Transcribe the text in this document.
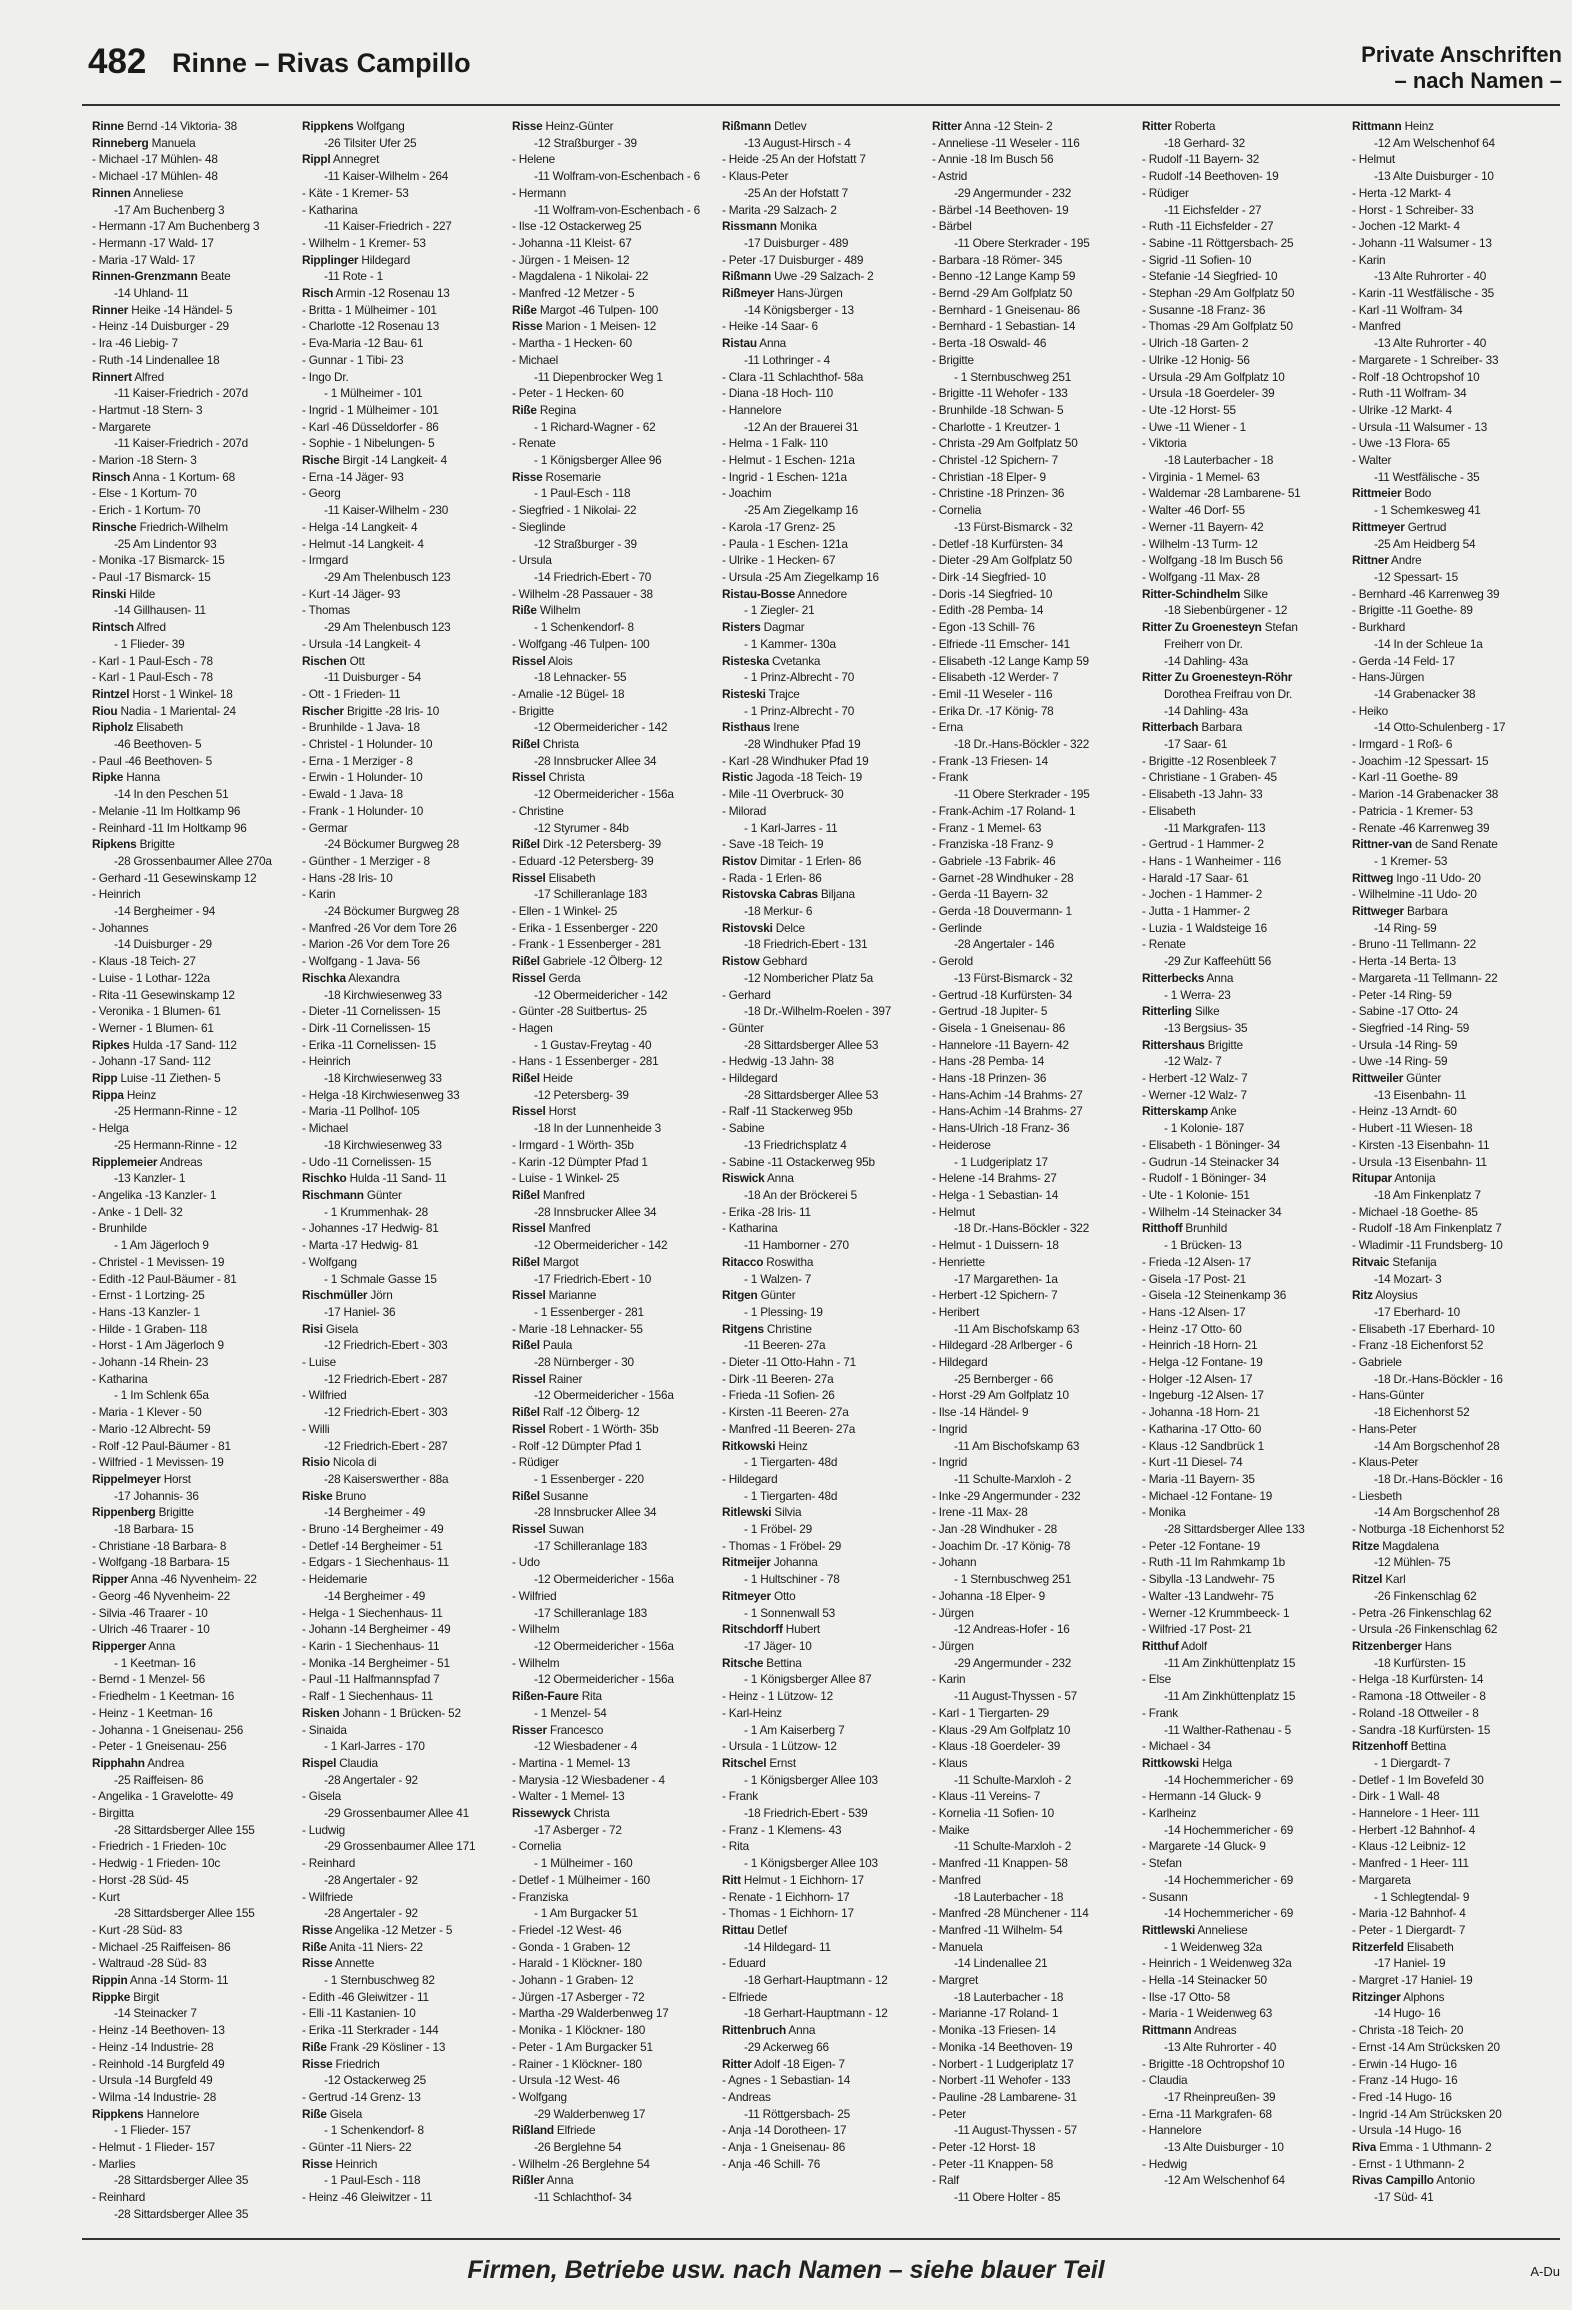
482 Rinne – Rivas Campillo	Private Anschriften
– nach Namen –
Rinne Bernd -14 Viktoria- 38
Rinneberg Manuela
- Michael -17 Mühlen- 48
- Michael -17 Mühlen- 48
Rinnen Anneliese
-17 Am Buchenberg 3
- Hermann -17 Am Buchenberg 3
- Hermann -17 Wald- 17
- Maria -17 Wald- 17
Rinnen-Grenzmann Beate
-14 Uhland- 11
Rinner Heike -14 Händel- 5
- Heinz -14 Duisburger - 29
- Ira -46 Liebig- 7
- Ruth -14 Lindenallee 18
Rinnert Alfred
-11 Kaiser-Friedrich - 207d
- Hartmut -18 Stern- 3
- Margarete
-11 Kaiser-Friedrich - 207d
- Marion -18 Stern- 3
Rinsch Anna - 1 Kortum- 68
- Else - 1 Kortum- 70
- Erich - 1 Kortum- 70
Rinsche Friedrich-Wilhelm
-25 Am Lindentor 93
- Monika -17 Bismarck- 15
- Paul -17 Bismarck- 15
Rinski Hilde
-14 Gillhausen- 11
Rintsch Alfred
- 1 Flieder- 39
- Karl - 1 Paul-Esch - 78
- Karl - 1 Paul-Esch - 78
Rintzel Horst - 1 Winkel- 18
Riou Nadia - 1 Mariental- 24
Ripholz Elisabeth
-46 Beethoven- 5
- Paul -46 Beethoven- 5
Ripke Hanna
-14 In den Peschen 51
- Melanie -11 Im Holtkamp 96
- Reinhard -11 Im Holtkamp 96
Ripkens Brigitte
-28 Grossenbaumer Allee 270a
- Gerhard -11 Gesewinskamp 12
- Heinrich
-14 Bergheimer - 94
- Johannes
-14 Duisburger - 29
- Klaus -18 Teich- 27
- Luise - 1 Lothar- 122a
- Rita -11 Gesewinskamp 12
- Veronika - 1 Blumen- 61
- Werner - 1 Blumen- 61
Ripkes Hulda -17 Sand- 112
- Johann -17 Sand- 112
Ripp Luise -11 Ziethen- 5
Rippa Heinz
-25 Hermann-Rinne - 12
- Helga
-25 Hermann-Rinne - 12
Ripplemeier Andreas
-13 Kanzler- 1
- Angelika -13 Kanzler- 1
- Anke - 1 Dell- 32
- Brunhilde
- 1 Am Jägerloch 9
- Christel - 1 Mevissen- 19
- Edith -12 Paul-Bäumer - 81
- Ernst - 1 Lortzing- 25
- Hans -13 Kanzler- 1
- Hilde - 1 Graben- 118
- Horst - 1 Am Jägerloch 9
- Johann -14 Rhein- 23
- Katharina
- 1 Im Schlenk 65a
- Maria - 1 Klever - 50
- Mario -12 Albrecht- 59
- Rolf -12 Paul-Bäumer - 81
- Wilfried - 1 Mevissen- 19
Rippelmeyer Horst
-17 Johannis- 36
Rippenberg Brigitte
-18 Barbara- 15
- Christiane -18 Barbara- 8
- Wolfgang -18 Barbara- 15
Ripper Anna -46 Nyvenheim- 22
- Georg -46 Nyvenheim- 22
- Silvia -46 Traarer - 10
- Ulrich -46 Traarer - 10
Ripperger Anna
- 1 Keetman- 16
- Bernd - 1 Menzel- 56
- Friedhelm - 1 Keetman- 16
- Heinz - 1 Keetman- 16
- Johanna - 1 Gneisenau- 256
- Peter - 1 Gneisenau- 256
Ripphahn Andrea
-25 Raiffeisen- 86
- Angelika - 1 Gravelotte- 49
- Birgitta
-28 Sittardsberger Allee 155
- Friedrich - 1 Frieden- 10c
- Hedwig - 1 Frieden- 10c
- Horst -28 Süd- 45
- Kurt
-28 Sittardsberger Allee 155
- Kurt -28 Süd- 83
- Michael -25 Raiffeisen- 86
- Waltraud -28 Süd- 83
Rippin Anna -14 Storm- 11
Rippke Birgit
-14 Steinacker 7
- Heinz -14 Beethoven- 13
- Heinz -14 Industrie- 28
- Reinhold -14 Burgfeld 49
- Ursula -14 Burgfeld 49
- Wilma -14 Industrie- 28
Rippkens Hannelore
- 1 Flieder- 157
- Helmut - 1 Flieder- 157
- Marlies
-28 Sittardsberger Allee 35
- Reinhard
-28 Sittardsberger Allee 35
Rippkens Wolfgang
-26 Tilsiter Ufer 25
Rippl Annegret
-11 Kaiser-Wilhelm - 264
- Käte - 1 Kremer- 53
- Katharina
-11 Kaiser-Friedrich - 227
- Wilhelm - 1 Kremer- 53
Ripplinger Hildegard
-11 Rote - 1
Risch Armin -12 Rosenau 13
- Britta - 1 Mülheimer - 101
- Charlotte -12 Rosenau 13
- Eva-Maria -12 Bau- 61
- Gunnar - 1 Tibi- 23
- Ingo Dr.
- 1 Mülheimer - 101
- Ingrid - 1 Mülheimer - 101
- Karl -46 Düsseldorfer - 86
- Sophie - 1 Nibelungen- 5
Rische Birgit -14 Langkeit- 4
- Erna -14 Jäger- 93
- Georg
-11 Kaiser-Wilhelm - 230
- Helga -14 Langkeit- 4
- Helmut -14 Langkeit- 4
- Irmgard
-29 Am Thelenbusch 123
- Kurt -14 Jäger- 93
- Thomas
-29 Am Thelenbusch 123
- Ursula -14 Langkeit- 4
Rischen Ott
-11 Duisburger - 54
- Ott - 1 Frieden- 11
Rischer Brigitte -28 Iris- 10
- Brunhilde - 1 Java- 18
- Christel - 1 Holunder- 10
- Erna - 1 Merziger - 8
- Erwin - 1 Holunder- 10
- Ewald - 1 Java- 18
- Frank - 1 Holunder- 10
- Germar
-24 Böckumer Burgweg 28
- Günther - 1 Merziger - 8
- Hans -28 Iris- 10
- Karin
-24 Böckumer Burgweg 28
- Manfred -26 Vor dem Tore 26
- Marion -26 Vor dem Tore 26
- Wolfgang - 1 Java- 56
Rischka Alexandra
-18 Kirchwiesenweg 33
- Dieter -11 Cornelissen- 15
- Dirk -11 Cornelissen- 15
- Erika -11 Cornelissen- 15
- Heinrich
-18 Kirchwiesenweg 33
- Helga -18 Kirchwiesenweg 33
- Maria -11 Pollhof- 105
- Michael
-18 Kirchwiesenweg 33
- Udo -11 Cornelissen- 15
Rischko Hulda -11 Sand- 11
Rischmann Günter
- 1 Krummenhak- 28
- Johannes -17 Hedwig- 81
- Marta -17 Hedwig- 81
- Wolfgang
- 1 Schmale Gasse 15
Rischmüller Jörn
-17 Haniel- 36
Risi Gisela
-12 Friedrich-Ebert - 303
- Luise
-12 Friedrich-Ebert - 287
- Wilfried
-12 Friedrich-Ebert - 303
- Willi
-12 Friedrich-Ebert - 287
Risio Nicola di
-28 Kaiserswerther - 88a
Riske Bruno
-14 Bergheimer - 49
- Bruno -14 Bergheimer - 49
- Detlef -14 Bergheimer - 51
- Edgars - 1 Siechenhaus- 11
- Heidemarie
-14 Bergheimer - 49
- Helga - 1 Siechenhaus- 11
- Johann -14 Bergheimer - 49
- Karin - 1 Siechenhaus- 11
- Monika -14 Bergheimer - 51
- Paul -11 Halfmannspfad 7
- Ralf - 1 Siechenhaus- 11
Risken Johann - 1 Brücken- 52
- Sinaida
- 1 Karl-Jarres - 170
Rispel Claudia
-28 Angertaler - 92
- Gisela
-29 Grossenbaumer Allee 41
- Ludwig
-29 Grossenbaumer Allee 171
- Reinhard
-28 Angertaler - 92
- Wilfriede
-28 Angertaler - 92
Risse Angelika -12 Metzer - 5
Riße Anita -11 Niers- 22
Risse Annette
- 1 Sternbuschweg 82
- Edith -46 Gleiwitzer - 11
- Elli -11 Kastanien- 10
- Erika -11 Sterkrader - 144
Riße Frank -29 Kösliner - 13
Risse Friedrich
-12 Ostackerweg 25
- Gertrud -14 Grenz- 13
Riße Gisela
- 1 Schenkendorf- 8
- Günter -11 Niers- 22
Risse Heinrich
- 1 Paul-Esch - 118
- Heinz -46 Gleiwitzer - 11
Risse Heinz-Günter
-12 Straßburger - 39
- Helene
-11 Wolfram-von-Eschenbach - 6
- Hermann
-11 Wolfram-von-Eschenbach - 6
- Ilse -12 Ostackerweg 25
- Johanna -11 Kleist- 67
- Jürgen - 1 Meisen- 12
- Magdalena - 1 Nikolai- 22
- Manfred -12 Metzer - 5
Riße Margot -46 Tulpen- 100
Risse Marion - 1 Meisen- 12
- Martha - 1 Hecken- 60
- Michael
-11 Diepenbrocker Weg 1
- Peter - 1 Hecken- 60
Riße Regina
- 1 Richard-Wagner - 62
- Renate
- 1 Königsberger Allee 96
Risse Rosemarie
- 1 Paul-Esch - 118
- Siegfried - 1 Nikolai- 22
- Sieglinde
-12 Straßburger - 39
- Ursula
-14 Friedrich-Ebert - 70
- Wilhelm -28 Passauer - 38
Riße Wilhelm
- 1 Schenkendorf- 8
- Wolfgang -46 Tulpen- 100
Rissel Alois
-18 Lehnacker- 55
- Amalie -12 Bügel- 18
- Brigitte
-12 Obermeidericher - 142
Rißel Christa
-28 Innsbrucker Allee 34
Rissel Christa
-12 Obermeidericher - 156a
- Christine
-12 Styrumer - 84b
Rißel Dirk -12 Petersberg- 39
- Eduard -12 Petersberg- 39
Rissel Elisabeth
-17 Schilleranlage 183
- Ellen - 1 Winkel- 25
- Erika - 1 Essenberger - 220
- Frank - 1 Essenberger - 281
Rißel Gabriele -12 Ölberg- 12
Rissel Gerda
-12 Obermeidericher - 142
- Günter -28 Suitbertus- 25
- Hagen
- 1 Gustav-Freytag - 40
- Hans - 1 Essenberger - 281
Rißel Heide
-12 Petersberg- 39
Rissel Horst
-18 In der Lunnenheide 3
- Irmgard - 1 Wörth- 35b
- Karin -12 Dümpter Pfad 1
- Luise - 1 Winkel- 25
Rißel Manfred
-28 Innsbrucker Allee 34
Rissel Manfred
-12 Obermeidericher - 142
Rißel Margot
-17 Friedrich-Ebert - 10
Rissel Marianne
- 1 Essenberger - 281
- Marie -18 Lehnacker- 55
Rißel Paula
-28 Nürnberger - 30
Rissel Rainer
-12 Obermeidericher - 156a
Rißel Ralf -12 Ölberg- 12
Rissel Robert - 1 Wörth- 35b
- Rolf -12 Dümpter Pfad 1
- Rüdiger
- 1 Essenberger - 220
Rißel Susanne
-28 Innsbrucker Allee 34
Rissel Suwan
-17 Schilleranlage 183
- Udo
-12 Obermeidericher - 156a
- Wilfried
-17 Schilleranlage 183
- Wilhelm
-12 Obermeidericher - 156a
- Wilhelm
-12 Obermeidericher - 156a
Rißen-Faure Rita
- 1 Menzel- 54
Risser Francesco
-12 Wiesbadener - 4
- Martina - 1 Memel- 13
- Marysia -12 Wiesbadener - 4
- Walter - 1 Memel- 13
Rissewyck Christa
-17 Asberger - 72
- Cornelia
- 1 Mülheimer - 160
- Detlef - 1 Mülheimer - 160
- Franziska
- 1 Am Burgacker 51
- Friedel -12 West- 46
- Gonda - 1 Graben- 12
- Harald - 1 Klöckner- 180
- Johann - 1 Graben- 12
- Jürgen -17 Asberger - 72
- Martha -29 Walderbenweg 17
- Monika - 1 Klöckner- 180
- Peter - 1 Am Burgacker 51
- Rainer - 1 Klöckner- 180
- Ursula -12 West- 46
- Wolfgang
-29 Walderbenweg 17
Rißland Elfriede
-26 Berglehne 54
- Wilhelm -26 Berglehne 54
Rißler Anna
-11 Schlachthof- 34
Rißmann Detlev
-13 August-Hirsch - 4
- Heide -25 An der Hofstatt 7
- Klaus-Peter
-25 An der Hofstatt 7
- Marita -29 Salzach- 2
Rissmann Monika
-17 Duisburger - 489
- Peter -17 Duisburger - 489
Rißmann Uwe -29 Salzach- 2
Rißmeyer Hans-Jürgen
-14 Königsberger - 13
- Heike -14 Saar- 6
Ristau Anna
-11 Lothringer - 4
- Clara -11 Schlachthof- 58a
- Diana -18 Hoch- 110
- Hannelore
-12 An der Brauerei 31
- Helma - 1 Falk- 110
- Helmut - 1 Eschen- 121a
- Ingrid - 1 Eschen- 121a
- Joachim
-25 Am Ziegelkamp 16
- Karola -17 Grenz- 25
- Paula - 1 Eschen- 121a
- Ulrike - 1 Hecken- 67
- Ursula -25 Am Ziegelkamp 16
Ristau-Bosse Annedore
- 1 Ziegler- 21
Risters Dagmar
- 1 Kammer- 130a
Risteska Cvetanka
- 1 Prinz-Albrecht - 70
Risteski Trajce
- 1 Prinz-Albrecht - 70
Risthaus Irene
-28 Windhuker Pfad 19
- Karl -28 Windhuker Pfad 19
Ristic Jagoda -18 Teich- 19
- Mile -11 Overbruck- 30
- Milorad
- 1 Karl-Jarres - 11
- Save -18 Teich- 19
Ristov Dimitar - 1 Erlen- 86
- Rada - 1 Erlen- 86
Ristovska Cabras Biljana
-18 Merkur- 6
Ristovski Delce
-18 Friedrich-Ebert - 131
Ristow Gebhard
-12 Nombericher Platz 5a
- Gerhard
-18 Dr.-Wilhelm-Roelen - 397
- Günter
-28 Sittardsberger Allee 53
- Hedwig -13 Jahn- 38
- Hildegard
-28 Sittardsberger Allee 53
- Ralf -11 Stackerweg 95b
- Sabine
-13 Friedrichsplatz 4
- Sabine -11 Ostackerweg 95b
Riswick Anna
-18 An der Bröckerei 5
- Erika -28 Iris- 11
- Katharina
-11 Hamborner - 270
Ritacco Roswitha
- 1 Walzen- 7
Ritgen Günter
- 1 Plessing- 19
Ritgens Christine
-11 Beeren- 27a
- Dieter -11 Otto-Hahn - 71
- Dirk -11 Beeren- 27a
- Frieda -11 Sofien- 26
- Kirsten -11 Beeren- 27a
- Manfred -11 Beeren- 27a
Ritkowski Heinz
- 1 Tiergarten- 48d
- Hildegard
- 1 Tiergarten- 48d
Ritlewski Silvia
- 1 Fröbel- 29
- Thomas - 1 Fröbel- 29
Ritmeijer Johanna
- 1 Hultschiner - 78
Ritmeyer Otto
- 1 Sonnenwall 53
Ritschdorff Hubert
-17 Jäger- 10
Ritsche Bettina
- 1 Königsberger Allee 87
- Heinz - 1 Lützow- 12
- Karl-Heinz
- 1 Am Kaiserberg 7
- Ursula - 1 Lützow- 12
Ritschel Ernst
- 1 Königsberger Allee 103
- Frank
-18 Friedrich-Ebert - 539
- Franz - 1 Klemens- 43
- Rita
- 1 Königsberger Allee 103
Ritt Helmut - 1 Eichhorn- 17
- Renate - 1 Eichhorn- 17
- Thomas - 1 Eichhorn- 17
Rittau Detlef
-14 Hildegard- 11
- Eduard
-18 Gerhart-Hauptmann - 12
- Elfriede
-18 Gerhart-Hauptmann - 12
Rittenbruch Anna
-29 Ackerweg 66
Ritter Adolf -18 Eigen- 7
- Agnes - 1 Sebastian- 14
- Andreas
-11 Röttgersbach- 25
- Anja -14 Dorotheen- 17
- Anja - 1 Gneisenau- 86
- Anja -46 Schill- 76
Ritter Anna -12 Stein- 2
- Anneliese -11 Weseler - 116
- Annie -18 Im Busch 56
- Astrid
-29 Angermunder - 232
- Bärbel -14 Beethoven- 19
- Bärbel
-11 Obere Sterkrader - 195
- Barbara -18 Römer- 345
- Benno -12 Lange Kamp 59
- Bernd -29 Am Golfplatz 50
- Bernhard - 1 Gneisenau- 86
- Bernhard - 1 Sebastian- 14
- Berta -18 Oswald- 46
- Brigitte
- 1 Sternbuschweg 251
- Brigitte -11 Wehofer - 133
- Brunhilde -18 Schwan- 5
- Charlotte - 1 Kreutzer- 1
- Christa -29 Am Golfplatz 50
- Christel -12 Spichern- 7
- Christian -18 Elper- 9
- Christine -18 Prinzen- 36
- Cornelia
-13 Fürst-Bismarck - 32
- Detlef -18 Kurfürsten- 34
- Dieter -29 Am Golfplatz 50
- Dirk -14 Siegfried- 10
- Doris -14 Siegfried- 10
- Edith -28 Pemba- 14
- Egon -13 Schill- 76
- Elfriede -11 Emscher- 141
- Elisabeth -12 Lange Kamp 59
- Elisabeth -12 Werder- 7
- Emil -11 Weseler - 116
- Erika Dr. -17 König- 78
- Erna
-18 Dr.-Hans-Böckler - 322
- Frank -13 Friesen- 14
- Frank
-11 Obere Sterkrader - 195
- Frank-Achim -17 Roland- 1
- Franz - 1 Memel- 63
- Franziska -18 Franz- 9
- Gabriele -13 Fabrik- 46
- Garnet -28 Windhuker - 28
- Gerda -11 Bayern- 32
- Gerda -18 Douvermann- 1
- Gerlinde
-28 Angertaler - 146
- Gerold
-13 Fürst-Bismarck - 32
- Gertrud -18 Kurfürsten- 34
- Gertrud -18 Jupiter- 5
- Gisela - 1 Gneisenau- 86
- Hannelore -11 Bayern- 42
- Hans -28 Pemba- 14
- Hans -18 Prinzen- 36
- Hans-Achim -14 Brahms- 27
- Hans-Achim -14 Brahms- 27
- Hans-Ulrich -18 Franz- 36
- Heiderose
- 1 Ludgeriplatz 17
- Helene -14 Brahms- 27
- Helga - 1 Sebastian- 14
- Helmut
-18 Dr.-Hans-Böckler - 322
- Helmut - 1 Duissern- 18
- Henriette
-17 Margarethen- 1a
- Herbert -12 Spichern- 7
- Heribert
-11 Am Bischofskamp 63
- Hildegard -28 Arlberger - 6
- Hildegard
-25 Bernberger - 66
- Horst -29 Am Golfplatz 10
- Ilse -14 Händel- 9
- Ingrid
-11 Am Bischofskamp 63
- Ingrid
-11 Schulte-Marxloh - 2
- Inke -29 Angermunder - 232
- Irene -11 Max- 28
- Jan -28 Windhuker - 28
- Joachim Dr. -17 König- 78
- Johann
- 1 Sternbuschweg 251
- Johanna -18 Elper- 9
- Jürgen
-12 Andreas-Hofer - 16
- Jürgen
-29 Angermunder - 232
- Karin
-11 August-Thyssen - 57
- Karl - 1 Tiergarten- 29
- Klaus -29 Am Golfplatz 10
- Klaus -18 Goerdeler- 39
- Klaus
-11 Schulte-Marxloh - 2
- Klaus -11 Vereins- 7
- Kornelia -11 Sofien- 10
- Maike
-11 Schulte-Marxloh - 2
- Manfred -11 Knappen- 58
- Manfred
-18 Lauterbacher - 18
- Manfred -28 Münchener - 114
- Manfred -11 Wilhelm- 54
- Manuela
-14 Lindenallee 21
- Margret
-18 Lauterbacher - 18
- Marianne -17 Roland- 1
- Monika -13 Friesen- 14
- Monika -14 Beethoven- 19
- Norbert - 1 Ludgeriplatz 17
- Norbert -11 Wehofer - 133
- Pauline -28 Lambarene- 31
- Peter
-11 August-Thyssen - 57
- Peter -12 Horst- 18
- Peter -11 Knappen- 58
- Ralf
-11 Obere Holter - 85
Ritter Roberta
-18 Gerhard- 32
- Rudolf -11 Bayern- 32
- Rudolf -14 Beethoven- 19
- Rüdiger
-11 Eichsfelder - 27
- Ruth -11 Eichsfelder - 27
- Sabine -11 Röttgersbach- 25
- Sigrid -11 Sofien- 10
- Stefanie -14 Siegfried- 10
- Stephan -29 Am Golfplatz 50
- Susanne -18 Franz- 36
- Thomas -29 Am Golfplatz 50
- Ulrich -18 Garten- 2
- Ulrike -12 Honig- 56
- Ursula -29 Am Golfplatz 10
- Ursula -18 Goerdeler- 39
- Ute -12 Horst- 55
- Uwe -11 Wiener - 1
- Viktoria
-18 Lauterbacher - 18
- Virginia - 1 Memel- 63
- Waldemar -28 Lambarene- 51
- Walter -46 Dorf- 55
- Werner -11 Bayern- 42
- Wilhelm -13 Turm- 12
- Wolfgang -18 Im Busch 56
- Wolfgang -11 Max- 28
Ritter-Schindhelm Silke
-18 Siebenbürgener - 12
Ritter Zu Groenesteyn Stefan
Freiherr von Dr.
-14 Dahling- 43a
Ritter Zu Groenesteyn-Röhr
Dorothea Freifrau von Dr.
-14 Dahling- 43a
Ritterbach Barbara
-17 Saar- 61
- Brigitte -12 Rosenbleek 7
- Christiane - 1 Graben- 45
- Elisabeth -13 Jahn- 33
- Elisabeth
-11 Markgrafen- 113
- Gertrud - 1 Hammer- 2
- Hans - 1 Wanheimer - 116
- Harald -17 Saar- 61
- Jochen - 1 Hammer- 2
- Jutta - 1 Hammer- 2
- Luzia - 1 Waldsteige 16
- Renate
-29 Zur Kaffeehütt 56
Ritterbecks Anna
- 1 Werra- 23
Ritterling Silke
-13 Bergsius- 35
Rittershaus Brigitte
-12 Walz- 7
- Herbert -12 Walz- 7
- Werner -12 Walz- 7
Ritterskamp Anke
- 1 Kolonie- 187
- Elisabeth - 1 Böninger- 34
- Gudrun -14 Steinacker 34
- Rudolf - 1 Böninger- 34
- Ute - 1 Kolonie- 151
- Wilhelm -14 Steinacker 34
Ritthoff Brunhild
- 1 Brücken- 13
- Frieda -12 Alsen- 17
- Gisela -17 Post- 21
- Gisela -12 Steinenkamp 36
- Hans -12 Alsen- 17
- Heinz -17 Otto- 60
- Heinrich -18 Horn- 21
- Helga -12 Fontane- 19
- Holger -12 Alsen- 17
- Ingeburg -12 Alsen- 17
- Johanna -18 Horn- 21
- Katharina -17 Otto- 60
- Klaus -12 Sandbrück 1
- Kurt -11 Diesel- 74
- Maria -11 Bayern- 35
- Michael -12 Fontane- 19
- Monika
-28 Sittardsberger Allee 133
- Peter -12 Fontane- 19
- Ruth -11 Im Rahmkamp 1b
- Sibylla -13 Landwehr- 75
- Walter -13 Landwehr- 75
- Werner -12 Krummbeeck- 1
- Wilfried -17 Post- 21
Ritthuf Adolf
-11 Am Zinkhüttenplatz 15
- Else
-11 Am Zinkhüttenplatz 15
- Frank
-11 Walther-Rathenau - 5
- Michael - 34
Rittkowski Helga
-14 Hochemmericher - 69
- Hermann -14 Gluck- 9
- Karlheinz
-14 Hochemmericher - 69
- Margarete -14 Gluck- 9
- Stefan
-14 Hochemmericher - 69
- Susann
-14 Hochemmericher - 69
Rittlewski Anneliese
- 1 Weidenweg 32a
- Heinrich - 1 Weidenweg 32a
- Hella -14 Steinacker 50
- Ilse -17 Otto- 58
- Maria - 1 Weidenweg 63
Rittmann Andreas
-13 Alte Ruhrorter - 40
- Brigitte -18 Ochtropshof 10
- Claudia
-17 Rheinpreußen- 39
- Erna -11 Markgrafen- 68
- Hannelore
-13 Alte Duisburger - 10
- Hedwig
-12 Am Welschenhof 64
Rittmann Heinz
-12 Am Welschenhof 64
- Helmut
-13 Alte Duisburger - 10
- Herta -12 Markt- 4
- Horst - 1 Schreiber- 33
- Jochen -12 Markt- 4
- Johann -11 Walsumer - 13
- Karin
-13 Alte Ruhrorter - 40
- Karin -11 Westfälische - 35
- Karl -11 Wolfram- 34
- Manfred
-13 Alte Ruhrorter - 40
- Margarete - 1 Schreiber- 33
- Rolf -18 Ochtropshof 10
- Ruth -11 Wolfram- 34
- Ulrike -12 Markt- 4
- Ursula -11 Walsumer - 13
- Uwe -13 Flora- 65
- Walter
-11 Westfälische - 35
Rittmeier Bodo
- 1 Schemkesweg 41
Rittmeyer Gertrud
-25 Am Heidberg 54
Rittner Andre
-12 Spessart- 15
- Bernhard -46 Karrenweg 39
- Brigitte -11 Goethe- 89
- Burkhard
-14 In der Schleue 1a
- Gerda -14 Feld- 17
- Hans-Jürgen
-14 Grabenacker 38
- Heiko
-14 Otto-Schulenberg - 17
- Irmgard - 1 Roß- 6
- Joachim -12 Spessart- 15
- Karl -11 Goethe- 89
- Marion -14 Grabenacker 38
- Patricia - 1 Kremer- 53
- Renate -46 Karrenweg 39
Rittner-van de Sand Renate
- 1 Kremer- 53
Rittweg Ingo -11 Udo- 20
- Wilhelmine -11 Udo- 20
Rittweger Barbara
-14 Ring- 59
- Bruno -11 Tellmann- 22
- Herta -14 Berta- 13
- Margareta -11 Tellmann- 22
- Peter -14 Ring- 59
- Sabine -17 Otto- 24
- Siegfried -14 Ring- 59
- Ursula -14 Ring- 59
- Uwe -14 Ring- 59
Rittweiler Günter
-13 Eisenbahn- 11
- Heinz -13 Arndt- 60
- Hubert -11 Wiesen- 18
- Kirsten -13 Eisenbahn- 11
- Ursula -13 Eisenbahn- 11
Ritupar Antonija
-18 Am Finkenplatz 7
- Michael -18 Goethe- 85
- Rudolf -18 Am Finkenplatz 7
- Wladimir -11 Frundsberg- 10
Ritvaic Stefanija
-14 Mozart- 3
Ritz Aloysius
-17 Eberhard- 10
- Elisabeth -17 Eberhard- 10
- Franz -18 Eichenforst 52
- Gabriele
-18 Dr.-Hans-Böckler - 16
- Hans-Günter
-18 Eichenhorst 52
- Hans-Peter
-14 Am Borgschenhof 28
- Klaus-Peter
-18 Dr.-Hans-Böckler - 16
- Liesbeth
-14 Am Borgschenhof 28
- Notburga -18 Eichenhorst 52
Ritze Magdalena
-12 Mühlen- 75
Ritzel Karl
-26 Finkenschlag 62
- Petra -26 Finkenschlag 62
- Ursula -26 Finkenschlag 62
Ritzenberger Hans
-18 Kurfürsten- 15
- Helga -18 Kurfürsten- 14
- Ramona -18 Ottweiler - 8
- Roland -18 Ottweiler - 8
- Sandra -18 Kurfürsten- 15
Ritzenhoff Bettina
- 1 Diergardt- 7
- Detlef - 1 Im Bovefeld 30
- Dirk - 1 Wall- 48
- Hannelore - 1 Heer- 111
- Herbert -12 Bahnhof- 4
- Klaus -12 Leibniz- 12
- Manfred - 1 Heer- 111
- Margareta
- 1 Schlegtendal- 9
- Maria -12 Bahnhof- 4
- Peter - 1 Diergardt- 7
Ritzerfeld Elisabeth
-17 Haniel- 19
- Margret -17 Haniel- 19
Ritzinger Alphons
-14 Hugo- 16
- Christa -18 Teich- 20
- Ernst -14 Am Strücksken 20
- Erwin -14 Hugo- 16
- Franz -14 Hugo- 16
- Fred -14 Hugo- 16
- Ingrid -14 Am Strücksken 20
- Ursula -14 Hugo- 16
Riva Emma - 1 Uthmann- 2
- Ernst - 1 Uthmann- 2
Rivas Campillo Antonio
-17 Süd- 41
Firmen, Betriebe usw. nach Namen – siehe blauer Teil	A-Du
